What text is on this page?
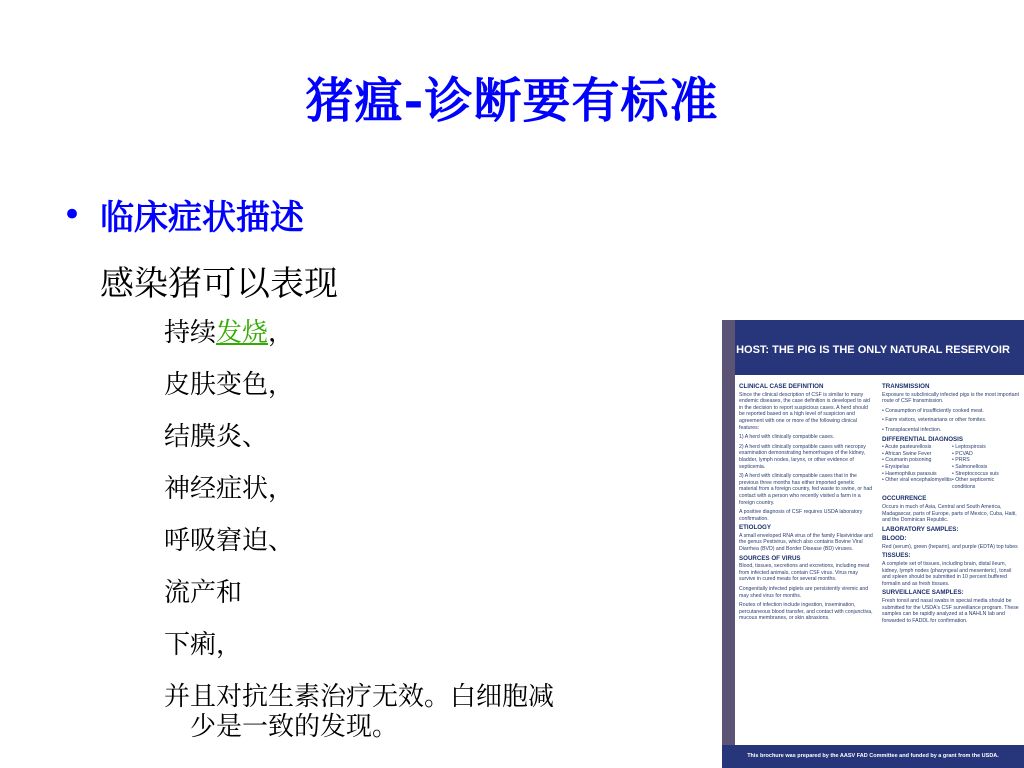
猪瘟-诊断要有标准
• 临床症状描述
感染猪可以表现
持续发烧，
皮肤变色，
结膜炎、
神经症状，
呼吸窘迫、
流产和
下痢，
并且对抗生素治疗无效。白细胞减
少是一致的发现。
HOST: THE PIG IS THE ONLY NATURAL RESERVOIR
CLINICAL CASE DEFINITION
Since the clinical description of CSF is similar to many endemic diseases, the case definition is developed to aid in the decision to report suspicious cases. A herd should be reported based on a high level of suspicion and agreement with one or more of the following clinical features:
1) A herd with clinically compatible cases.
2) A herd with clinically compatible cases with necropsy examination demonstrating hemorrhages of the kidney, bladder, lymph nodes, larynx, or other evidence of septicemia.
3) A herd with clinically compatible cases that in the previous three months has either imported genetic material from a foreign country, fed waste to swine, or had contact with a person who recently visited a farm in a foreign country.
A positive diagnosis of CSF requires USDA laboratory confirmation.
ETIOLOGY
A small enveloped RNA virus of the family Flaviviridae and the genus Pestivirus, which also contains Bovine Viral Diarrhea (BVD) and Border Disease (BD) viruses.
SOURCES OF VIRUS
Blood, tissues, secretions and excretions, including meat from infected animals, contain CSF virus. Virus may survive in cured meats for several months.
Congenitally infected piglets are persistently viremic and may shed virus for months.
Routes of infection include ingestion, insemination, percutaneous blood transfer, and contact with conjunctiva, mucous membranes, or skin abrasions.
TRANSMISSION
Exposure to subclinically infected pigs is the most important route of CSF transmission.
• Consumption of insufficiently cooked meat.
• Farm visitors, veterinarians or other fomites.
• Transplacental infection.
DIFFERENTIAL DIAGNOSIS
• Acute pasteurellosis
• African Swine Fever
• Coumarin poisoning
• Erysipelas
• Haemophilus parasuis
• Other viral encephalomyelitis
• Leptospirosis
• PCVAD
• PRRS
• Salmonellosis
• Streptococcus suis
• Other septicemic conditions
OCCURRENCE
Occurs in much of Asia, Central and South America, Madagascar, parts of Europe, parts of Mexico, Cuba, Haiti, and the Dominican Republic.
LABORATORY SAMPLES:
BLOOD:
Red (serum), green (heparin), and purple (EDTA) top tubes
TISSUES:
A complete set of tissues, including brain, distal ileum, kidney, lymph nodes (pharyngeal and mesenteric), tonsil and spleen should be submitted in 10 percent buffered formalin and as fresh tissues.
SURVEILLANCE SAMPLES:
Fresh tonsil and nasal swabs in special media should be submitted for the USDA's CSF surveillance program. These samples can be rapidly analyzed at a NAHLN lab and forwarded to FADDL for confirmation.
This brochure was prepared by the AASV FAD Committee and funded by a grant from the USDA.
